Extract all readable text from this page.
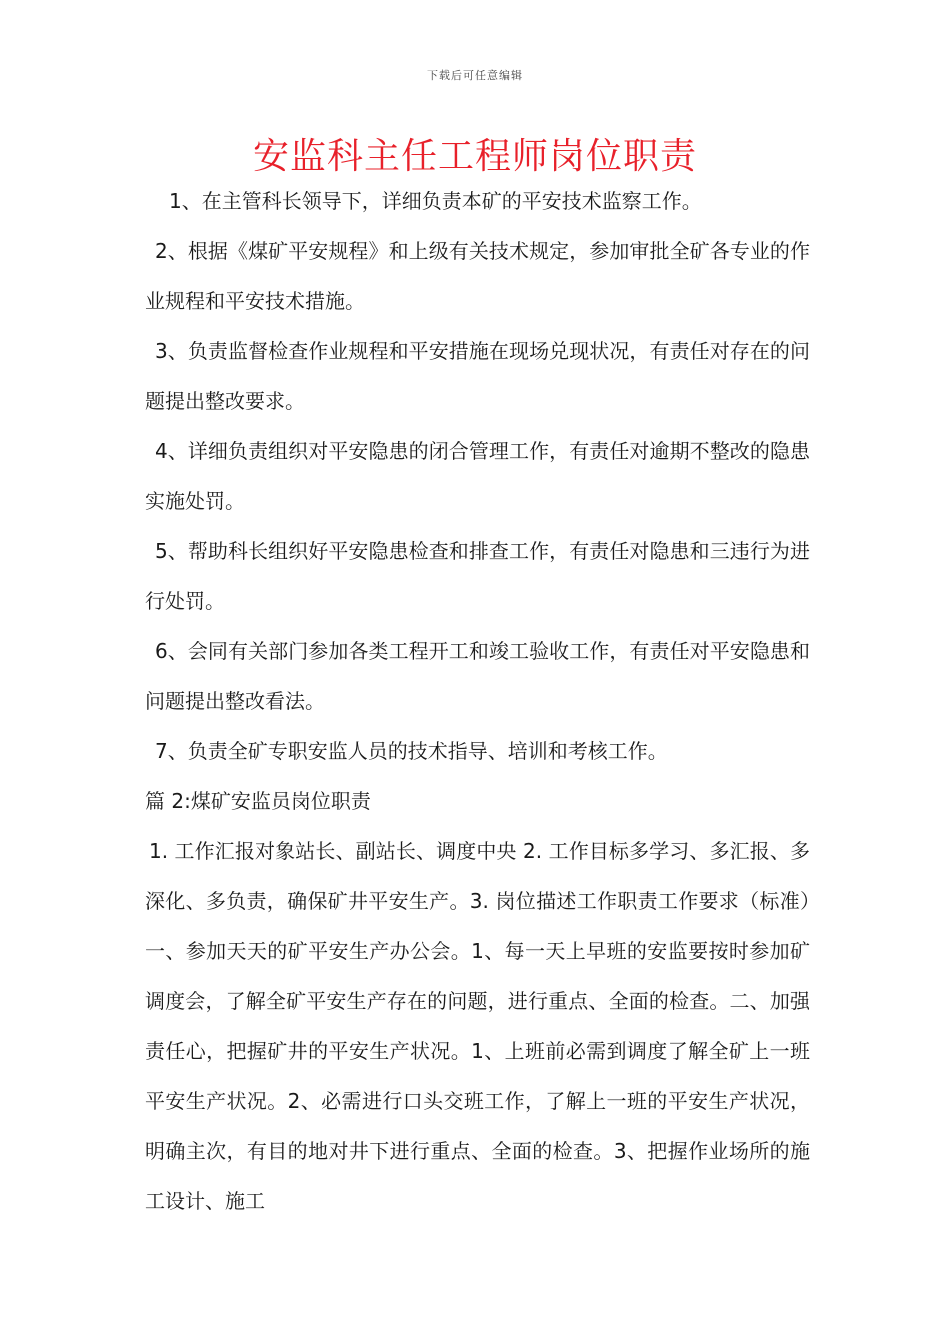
下载后可任意编辑
安监科主任工程师岗位职责

1、在主管科长领导下，详细负责本矿的平安技术监察工作。

2、根据《煤矿平安规程》和上级有关技术规定，参加审批全矿各专业的作业规程和平安技术措施。

3、负责监督检查作业规程和平安措施在现场兑现状况，有责任对存在的问题提出整改要求。

4、详细负责组织对平安隐患的闭合管理工作，有责任对逾期不整改的隐患实施处罚。

5、帮助科长组织好平安隐患检查和排查工作，有责任对隐患和三违行为进行处罚。

6、会同有关部门参加各类工程开工和竣工验收工作，有责任对平安隐患和问题提出整改看法。

7、负责全矿专职安监人员的技术指导、培训和考核工作。

篇 2:煤矿安监员岗位职责

1. 工作汇报对象站长、副站长、调度中央 2. 工作目标多学习、多汇报、多深化、多负责，确保矿井平安生产。3. 岗位描述工作职责工作要求（标准）一、参加天天的矿平安生产办公会。1、每一天上早班的安监要按时参加矿调度会，了解全矿平安生产存在的问题，进行重点、全面的检查。二、加强责任心，把握矿井的平安生产状况。1、上班前必需到调度了解全矿上一班平安生产状况。2、必需进行口头交班工作，了解上一班的平安生产状况，明确主次，有目的地对井下进行重点、全面的检查。3、把握作业场所的施工设计、施工
